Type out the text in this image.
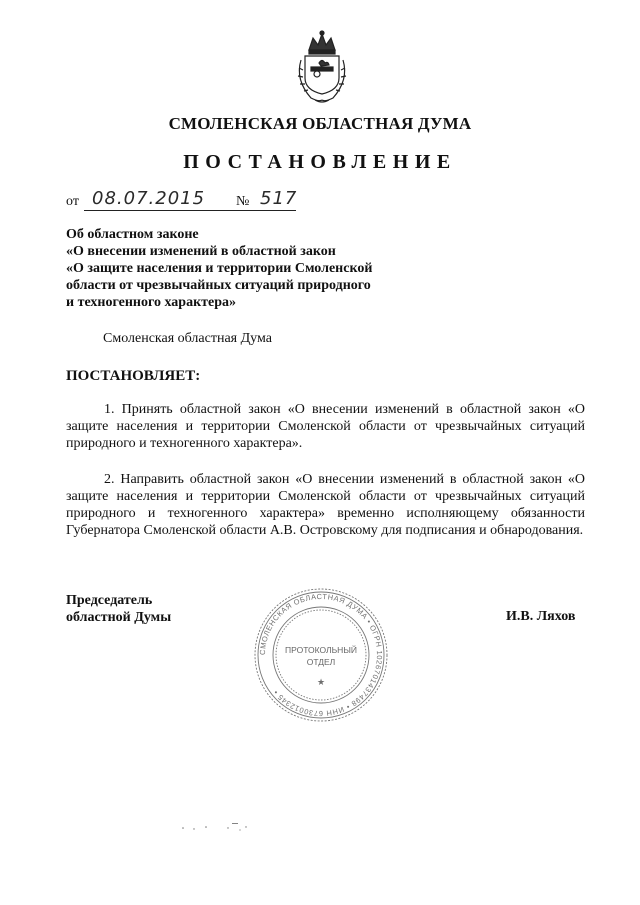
СМОЛЕНСКАЯ ОБЛАСТНАЯ ДУМА
ПОСТАНОВЛЕНИЕ
от 08.07.2015 № 517
Об областном законе
«О внесении изменений в областной закон
«О защите населения и территории Смоленской
области от чрезвычайных ситуаций природного
и техногенного характера»
Смоленская областная Дума
ПОСТАНОВЛЯЕТ:
1. Принять областной закон «О внесении изменений в областной закон «О защите населения и территории Смоленской области от чрезвычайных ситуаций природного и техногенного характера».
2. Направить областной закон «О внесении изменений в областной закон «О защите населения и территории Смоленской области от чрезвычайных ситуаций природного и техногенного характера» временно исполняющему обязанности Губернатора Смоленской области А.В. Островскому для подписания и обнародования.
Председатель
областной Думы
СМОЛЕНСКАЯ ОБЛАСТНАЯ ДУМА • ОГРН 1026701437498 • ИНН 6730012345 •
ПРОТОКОЛЬНЫЙ
ОТДЕЛ
★
И.В. Ляхов
